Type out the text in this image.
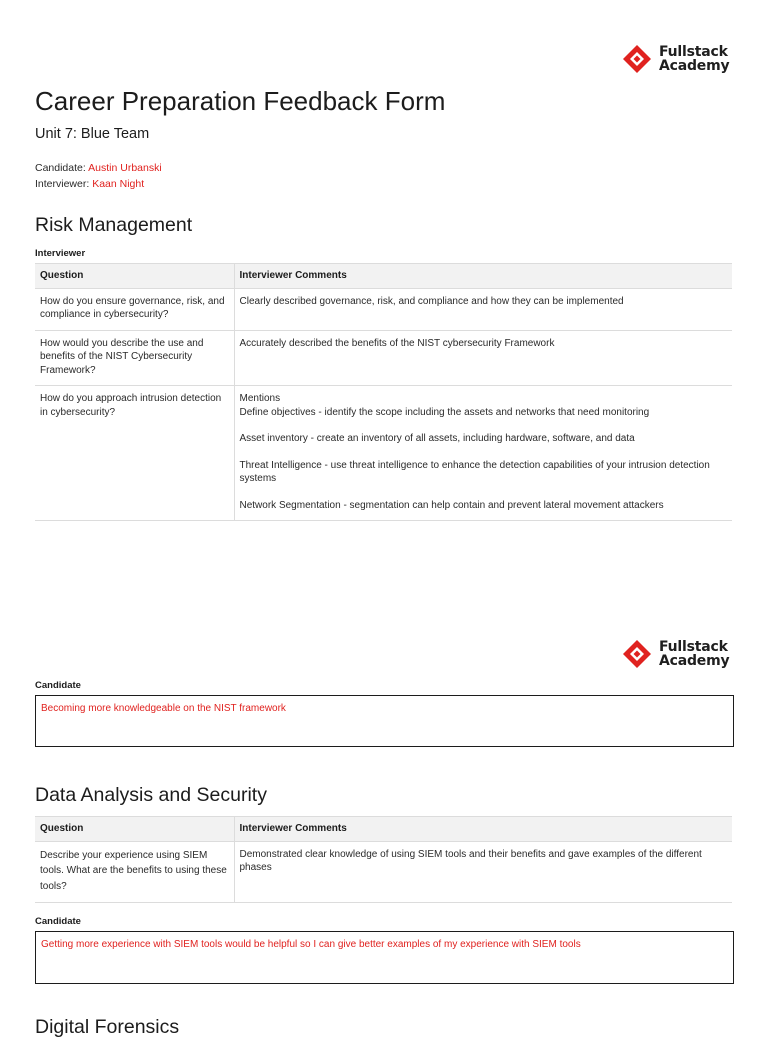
Fullstack
Academy
Career Preparation Feedback Form
Unit 7: Blue Team
Candidate: Austin Urbanski
Interviewer: Kaan Night
Risk Management
Interviewer
Question	Interviewer Comments
How do you ensure governance, risk, and compliance in cybersecurity?	Clearly described governance, risk, and compliance and how they can be implemented
How would you describe the use and benefits of the NIST Cybersecurity Framework?	Accurately described the benefits of the NIST cybersecurity Framework
How do you approach intrusion detection in cybersecurity?	Mentions
Define objectives - identify the scope including the assets and networks that need monitoring
Asset inventory - create an inventory of all assets, including hardware, software, and data
Threat Intelligence - use threat intelligence to enhance the detection capabilities of your intrusion detection systems
Network Segmentation - segmentation can help contain and prevent lateral movement attackers
Fullstack
Academy
Candidate
Becoming more knowledgeable on the NIST framework
Data Analysis and Security
Question	Interviewer Comments
Describe your experience using SIEM tools. What are the benefits to using these tools?	Demonstrated clear knowledge of using SIEM tools and their benefits and gave examples of the different phases
Candidate
Getting more experience with SIEM tools would be helpful so I can give better examples of my experience with SIEM tools
Digital Forensics
